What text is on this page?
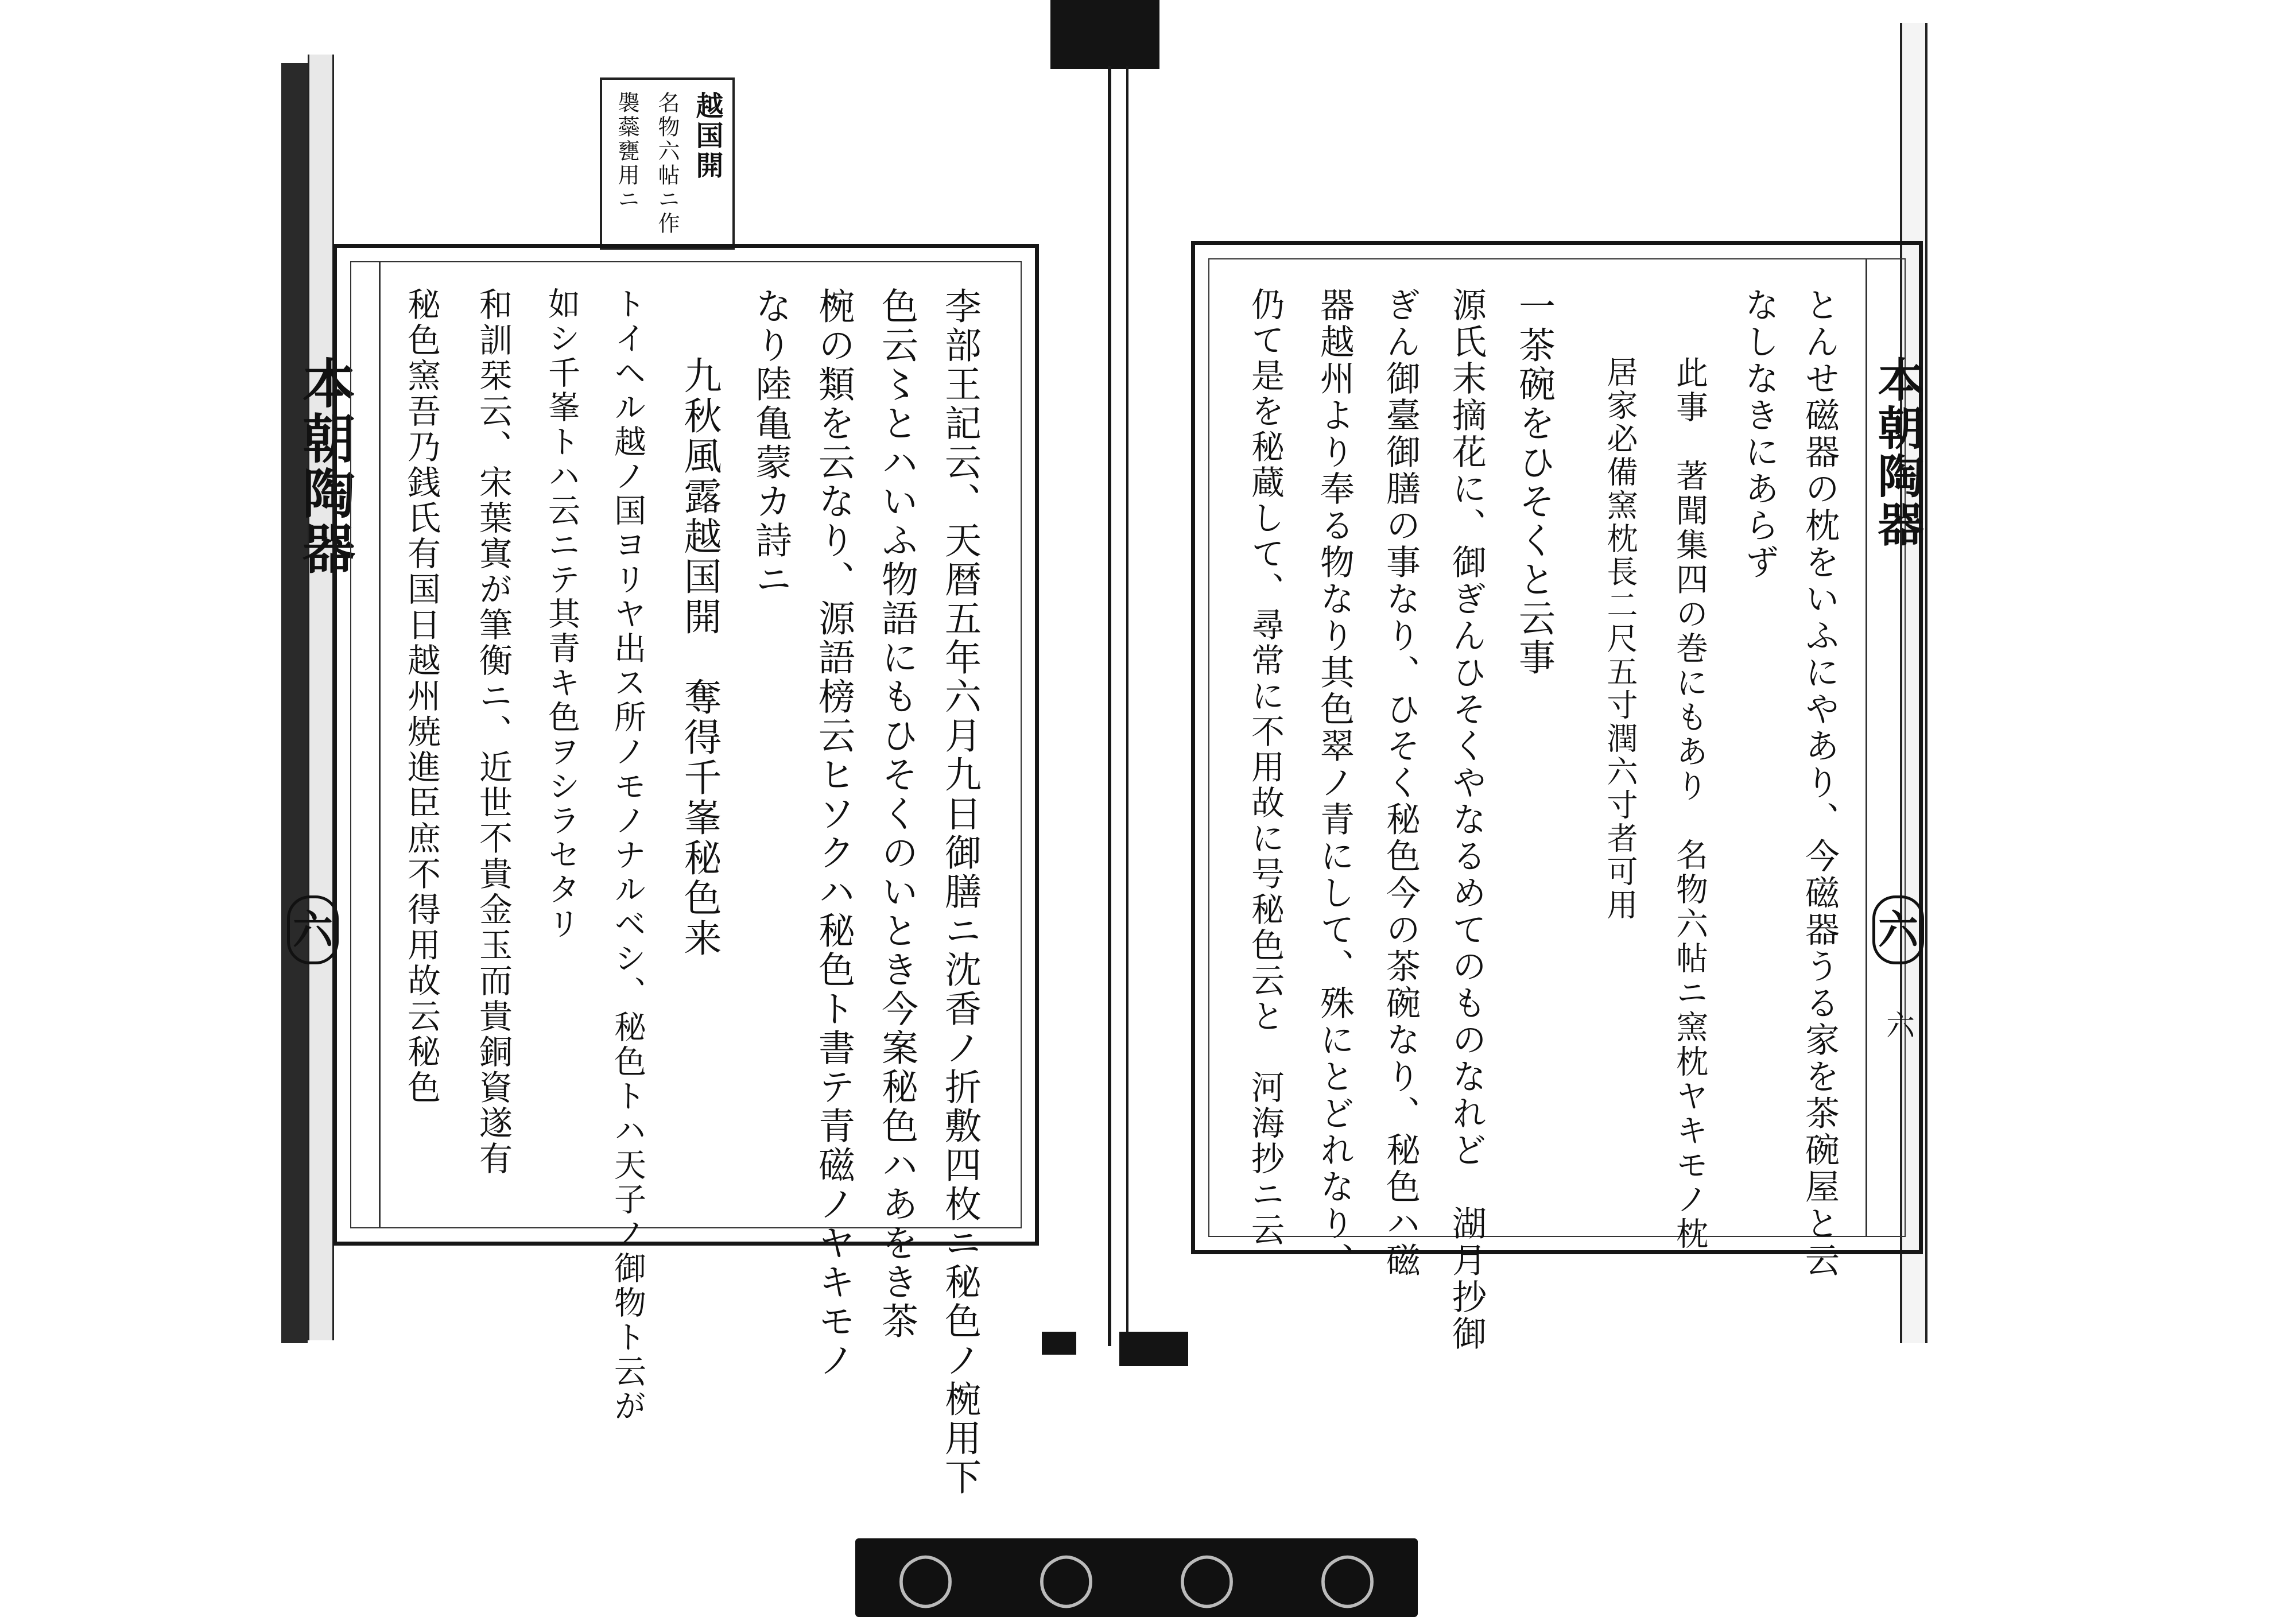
本朝陶器
六
越国開
名物六帖ニ作
褜蘂甕用ニ
李部王記云、天暦五年六月九日御膳ニ沈香ノ折敷四枚ニ秘色ノ椀用下
色云〻とハいふ物語にもひそくのいとき今案秘色ハあをき茶
椀の類を云なり、源語榜云ヒソクハ秘色ト書テ青磁ノヤキモノ
なり陸亀蒙カ詩ニ
九秋風露越国開　奪得千峯秘色来
トイヘル越ノ国ヨリヤ出ス所ノモノナルベシ、秘色トハ天子ノ御物ト云が
如シ千峯トハ云ニテ其青キ色ヲシラセタリ
和訓栞云、宋葉寘が筆衡ニ、近世不貴金玉而貴銅資遂有
秘色窯吾乃銭氏有国日越州焼進臣庶不得用故云秘色	本朝陶器
六
六
とんせ磁器の枕をいふにやあり、今磁器うる家を茶碗屋と云
なしなきにあらず
此事　著聞集四の巻にもあり　名物六帖ニ窯枕ヤキモノ枕
居家必備窯枕長二尺五寸潤六寸者可用
一茶碗をひそくと云事
源氏末摘花に、御ぎんひそくやなるめてのものなれど　湖月抄御
ぎん御臺御膳の事なり、ひそく秘色今の茶碗なり、秘色ハ磁
器越州より奉る物なり其色翠ノ青にして、殊にとどれなり、
仍て是を秘蔵して、尋常に不用故に号秘色云と　河海抄ニ云
◯ ◯ ◯ ◯
